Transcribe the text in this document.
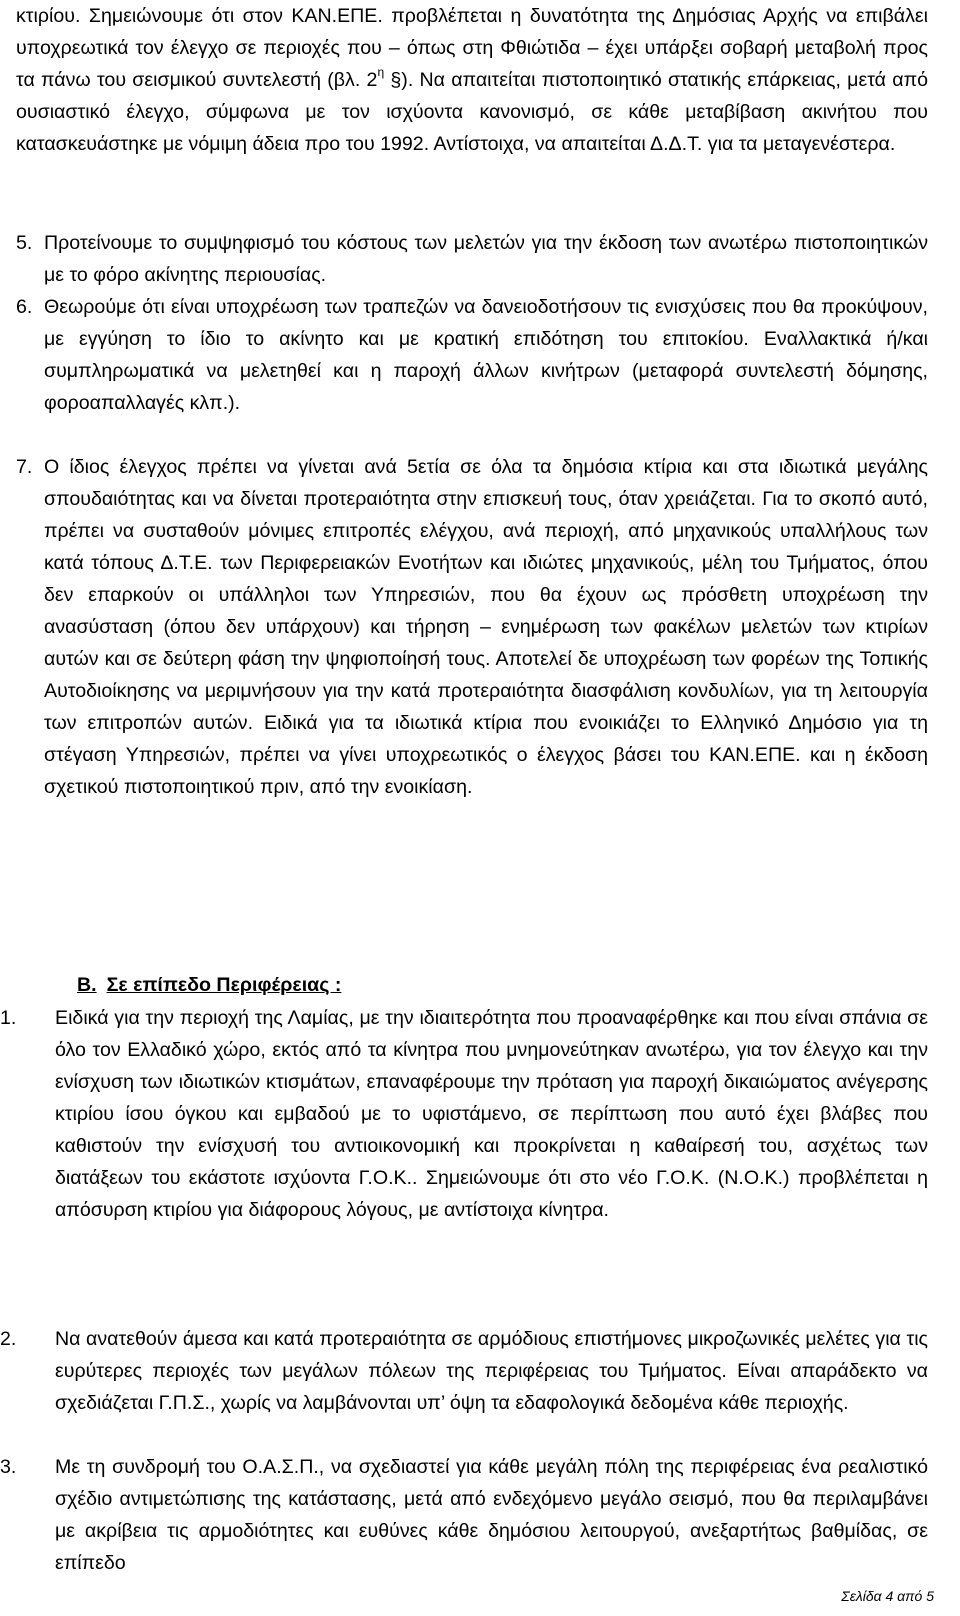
κτιρίου. Σημειώνουμε ότι στον ΚΑΝ.ΕΠΕ. προβλέπεται η δυνατότητα της Δημόσιας Αρχής να επιβάλει υποχρεωτικά τον έλεγχο σε περιοχές που – όπως στη Φθιώτιδα – έχει υπάρξει σοβαρή μεταβολή προς τα πάνω του σεισμικού συντελεστή (βλ. $2^\eta$ §). Να απαιτείται πιστοποιητικό στατικής επάρκειας, μετά από ουσιαστικό έλεγχο, σύμφωνα με τον ισχύοντα κανονισμό, σε κάθε μεταβίβαση ακινήτου που κατασκευάστηκε με νόμιμη άδεια προ του 1992. Αντίστοιχα, να απαιτείται Δ.Δ.Τ. για τα μεταγενέστερα.

5. Προτείνουμε το συμψηφισμό του κόστους των μελετών για την έκδοση των ανωτέρω πιστοποιητικών με το φόρο ακίνητης περιουσίας.

6. Θεωρούμε ότι είναι υποχρέωση των τραπεζών να δανειοδοτήσουν τις ενισχύσεις που θα προκύψουν, με εγγύηση το ίδιο το ακίνητο και με κρατική επιδότηση του επιτοκίου. Εναλλακτικά ή/και συμπληρωματικά να μελετηθεί και η παροχή άλλων κινήτρων (μεταφορά συντελεστή δόμησης, φοροαπαλλαγές κλπ.).

7. Ο ίδιος έλεγχος πρέπει να γίνεται ανά 5ετία σε όλα τα δημόσια κτίρια και στα ιδιωτικά μεγάλης σπουδαιότητας και να δίνεται προτεραιότητα στην επισκευή τους, όταν χρειάζεται. Για το σκοπό αυτό, πρέπει να συσταθούν μόνιμες επιτροπές ελέγχου, ανά περιοχή, από μηχανικούς υπαλλήλους των κατά τόπους Δ.Τ.Ε. των Περιφερειακών Ενοτήτων και ιδιώτες μηχανικούς, μέλη του Τμήματος, όπου δεν επαρκούν οι υπάλληλοι των Υπηρεσιών, που θα έχουν ως πρόσθετη υποχρέωση την ανασύσταση (όπου δεν υπάρχουν) και τήρηση – ενημέρωση των φακέλων μελετών των κτιρίων αυτών και σε δεύτερη φάση την ψηφιοποίησή τους. Αποτελεί δε υποχρέωση των φορέων της Τοπικής Αυτοδιοίκησης να μεριμνήσουν για την κατά προτεραιότητα διασφάλιση κονδυλίων, για τη λειτουργία των επιτροπών αυτών. Ειδικά για τα ιδιωτικά κτίρια που ενοικιάζει το Ελληνικό Δημόσιο για τη στέγαση Υπηρεσιών, πρέπει να γίνει υποχρεωτικός ο έλεγχος βάσει του ΚΑΝ.ΕΠΕ. και η έκδοση σχετικού πιστοποιητικού πριν, από την ενοικίαση.

Β. Σε επίπεδο Περιφέρειας :
1. Ειδικά για την περιοχή της Λαμίας, με την ιδιαιτερότητα που προαναφέρθηκε και που είναι σπάνια σε όλο τον Ελλαδικό χώρο, εκτός από τα κίνητρα που μνημονεύτηκαν ανωτέρω, για τον έλεγχο και την ενίσχυση των ιδιωτικών κτισμάτων, επαναφέρουμε την πρόταση για παροχή δικαιώματος ανέγερσης κτιρίου ίσου όγκου και εμβαδού με το υφιστάμενο, σε περίπτωση που αυτό έχει βλάβες που καθιστούν την ενίσχυσή του αντιοικονομική και προκρίνεται η καθαίρεσή του, ασχέτως των διατάξεων του εκάστοτε ισχύοντα Γ.Ο.Κ.. Σημειώνουμε ότι στο νέο Γ.Ο.Κ. (Ν.Ο.Κ.) προβλέπεται η απόσυρση κτιρίου για διάφορους λόγους, με αντίστοιχα κίνητρα.

2. Να ανατεθούν άμεσα και κατά προτεραιότητα σε αρμόδιους επιστήμονες μικροζωνικές μελέτες για τις ευρύτερες περιοχές των μεγάλων πόλεων της περιφέρειας του Τμήματος. Είναι απαράδεκτο να σχεδιάζεται Γ.Π.Σ., χωρίς να λαμβάνονται υπ’ όψη τα εδαφολογικά δεδομένα κάθε περιοχής.

3. Με τη συνδρομή του Ο.Α.Σ.Π., να σχεδιαστεί για κάθε μεγάλη πόλη της περιφέρειας ένα ρεαλιστικό σχέδιο αντιμετώπισης της κατάστασης, μετά από ενδεχόμενο μεγάλο σεισμό, που θα περιλαμβάνει με ακρίβεια τις αρμοδιότητες και ευθύνες κάθε δημόσιου λειτουργού, ανεξαρτήτως βαθμίδας, σε επίπεδο

Σελίδα 4 από 5
